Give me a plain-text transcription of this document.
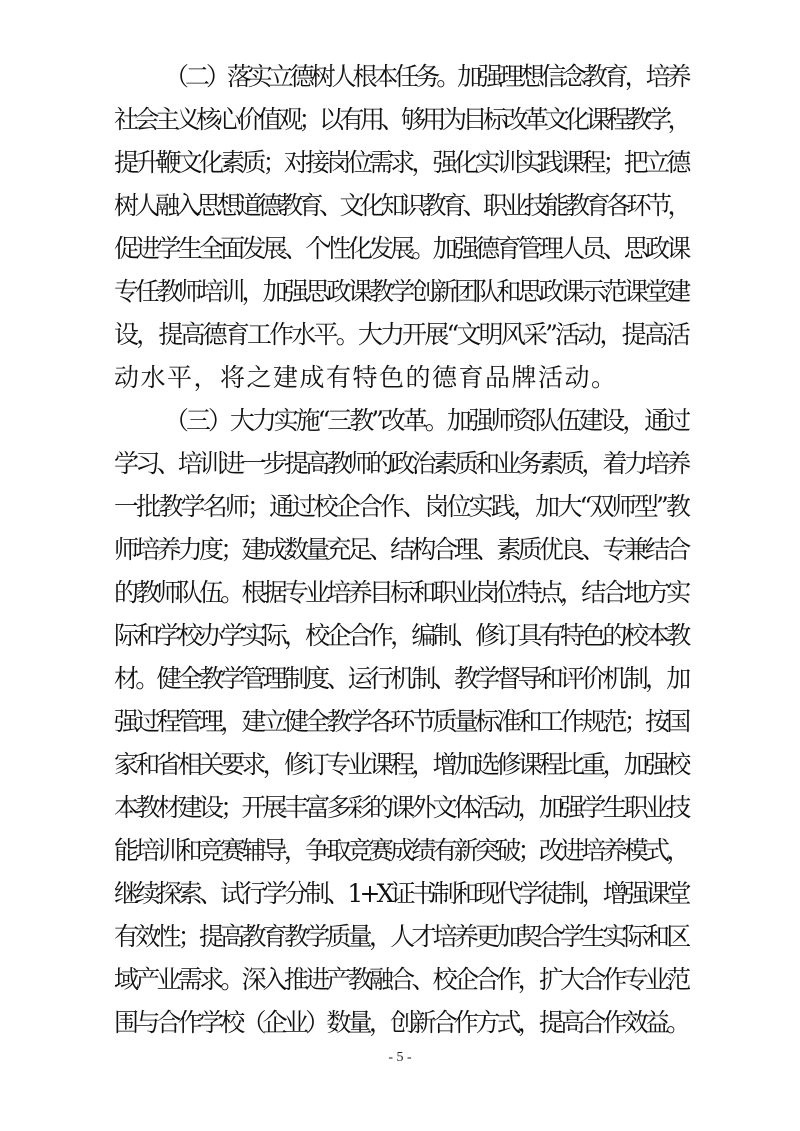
（二）落实立德树人根本任务。加强理想信念教育，培养
社会主义核心价值观；以有用、够用为目标改革文化课程教学，
提升鞭文化素质；对接岗位需求，强化实训实践课程；把立德
树人融入思想道德教育、文化知识教育、职业技能教育各环节，
促进学生全面发展、个性化发展。加强德育管理人员、思政课
专任教师培训，加强思政课教学创新团队和思政课示范课堂建
设，提高德育工作水平。大力开展“文明风采”活动，提高活
动水平，将之建成有特色的德育品牌活动。
（三）大力实施“三教”改革。加强师资队伍建设，通过
学习、培训进一步提高教师的政治素质和业务素质，着力培养
一批教学名师；通过校企合作、岗位实践，加大“双师型”教
师培养力度；建成数量充足、结构合理、素质优良、专兼结合
的教师队伍。根据专业培养目标和职业岗位特点，结合地方实
际和学校办学实际，校企合作，编制、修订具有特色的校本教
材。健全教学管理制度、运行机制、教学督导和评价机制，加
强过程管理，建立健全教学各环节质量标准和工作规范；按国
家和省相关要求，修订专业课程，增加选修课程比重，加强校
本教材建设；开展丰富多彩的课外文体活动，加强学生职业技
能培训和竞赛辅导，争取竞赛成绩有新突破；改进培养模式，
继续探索、试行学分制、1+X证书制和现代学徒制，增强课堂
有效性；提高教育教学质量，人才培养更加契合学生实际和区
域产业需求。深入推进产教融合、校企合作，扩大合作专业范
围与合作学校（企业）数量，创新合作方式，提高合作效益。
- 5 -
